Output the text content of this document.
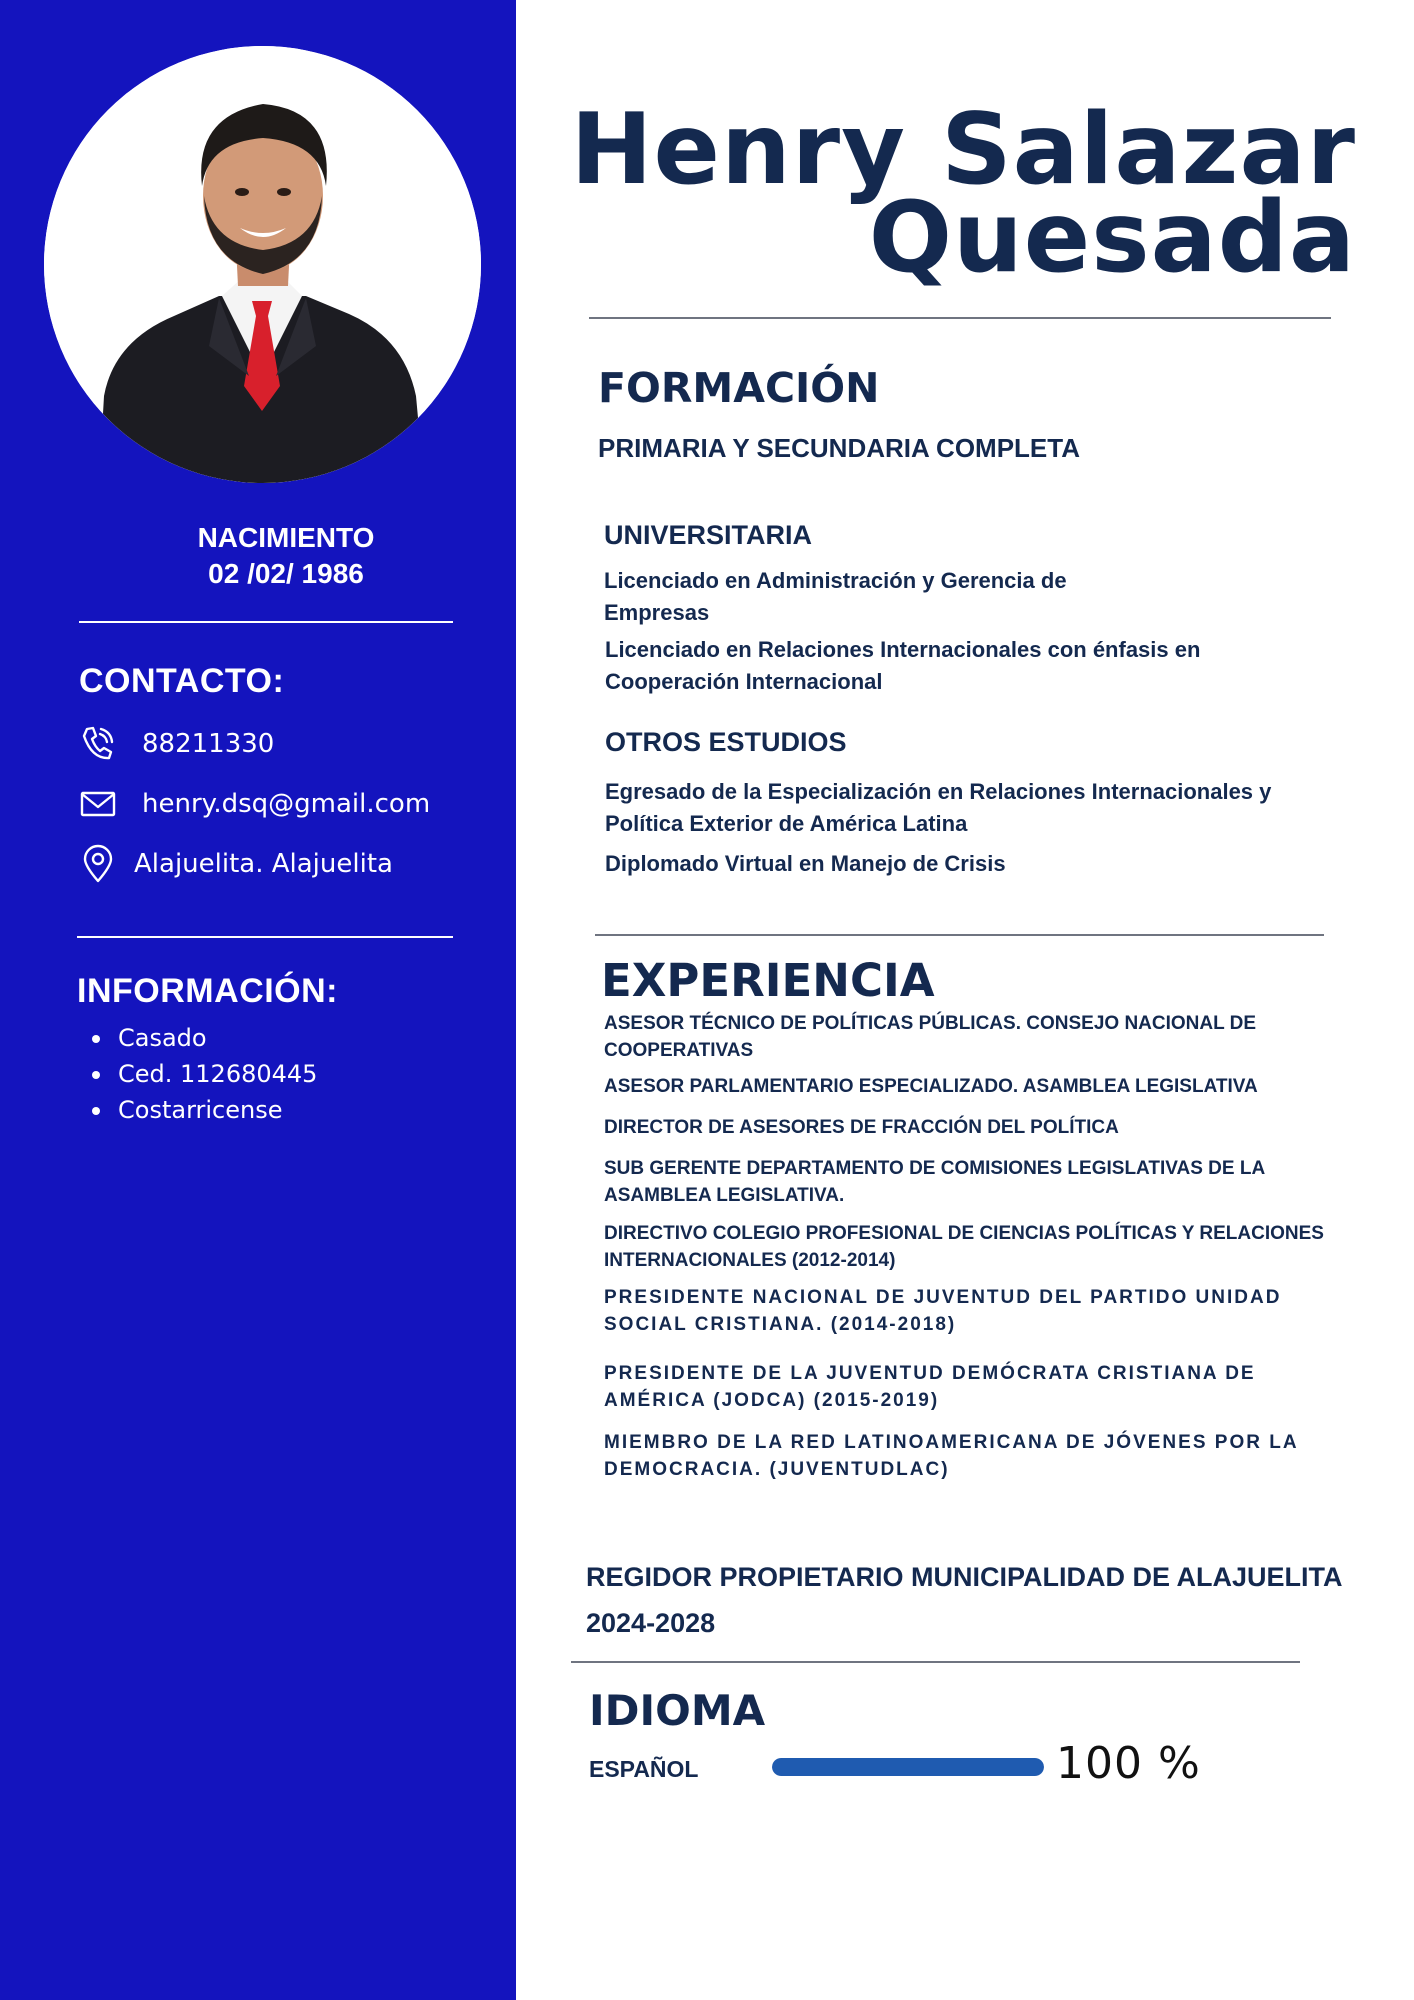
NACIMIENTO
02 /02/ 1986
CONTACTO:
88211330
henry.dsq@gmail.com
Alajuelita. Alajuelita
INFORMACIÓN:
Casado
Ced. 112680445
Costarricense
Henry Salazar
Quesada
FORMACIÓN
PRIMARIA Y SECUNDARIA COMPLETA
UNIVERSITARIA
Licenciado en Administración y Gerencia de
Empresas
Licenciado en Relaciones Internacionales con énfasis en
Cooperación Internacional
OTROS ESTUDIOS
Egresado de la Especialización en Relaciones Internacionales y
Política Exterior de América Latina
Diplomado Virtual en Manejo de Crisis
EXPERIENCIA
ASESOR TÉCNICO DE POLÍTICAS PÚBLICAS. CONSEJO NACIONAL DE
COOPERATIVAS
ASESOR PARLAMENTARIO ESPECIALIZADO. ASAMBLEA LEGISLATIVA
DIRECTOR DE ASESORES DE FRACCIÓN DEL POLÍTICA
SUB GERENTE DEPARTAMENTO DE COMISIONES LEGISLATIVAS DE LA
ASAMBLEA LEGISLATIVA.
DIRECTIVO COLEGIO PROFESIONAL DE CIENCIAS POLÍTICAS Y RELACIONES
INTERNACIONALES (2012-2014)
PRESIDENTE NACIONAL DE JUVENTUD DEL PARTIDO UNIDAD
SOCIAL CRISTIANA. (2014-2018)
PRESIDENTE DE LA JUVENTUD DEMÓCRATA CRISTIANA DE
AMÉRICA (JODCA) (2015-2019)
MIEMBRO DE LA RED LATINOAMERICANA DE JÓVENES POR LA
DEMOCRACIA. (JUVENTUDLAC)
REGIDOR PROPIETARIO MUNICIPALIDAD DE ALAJUELITA
2024-2028
IDIOMA
ESPAÑOL	100 %
